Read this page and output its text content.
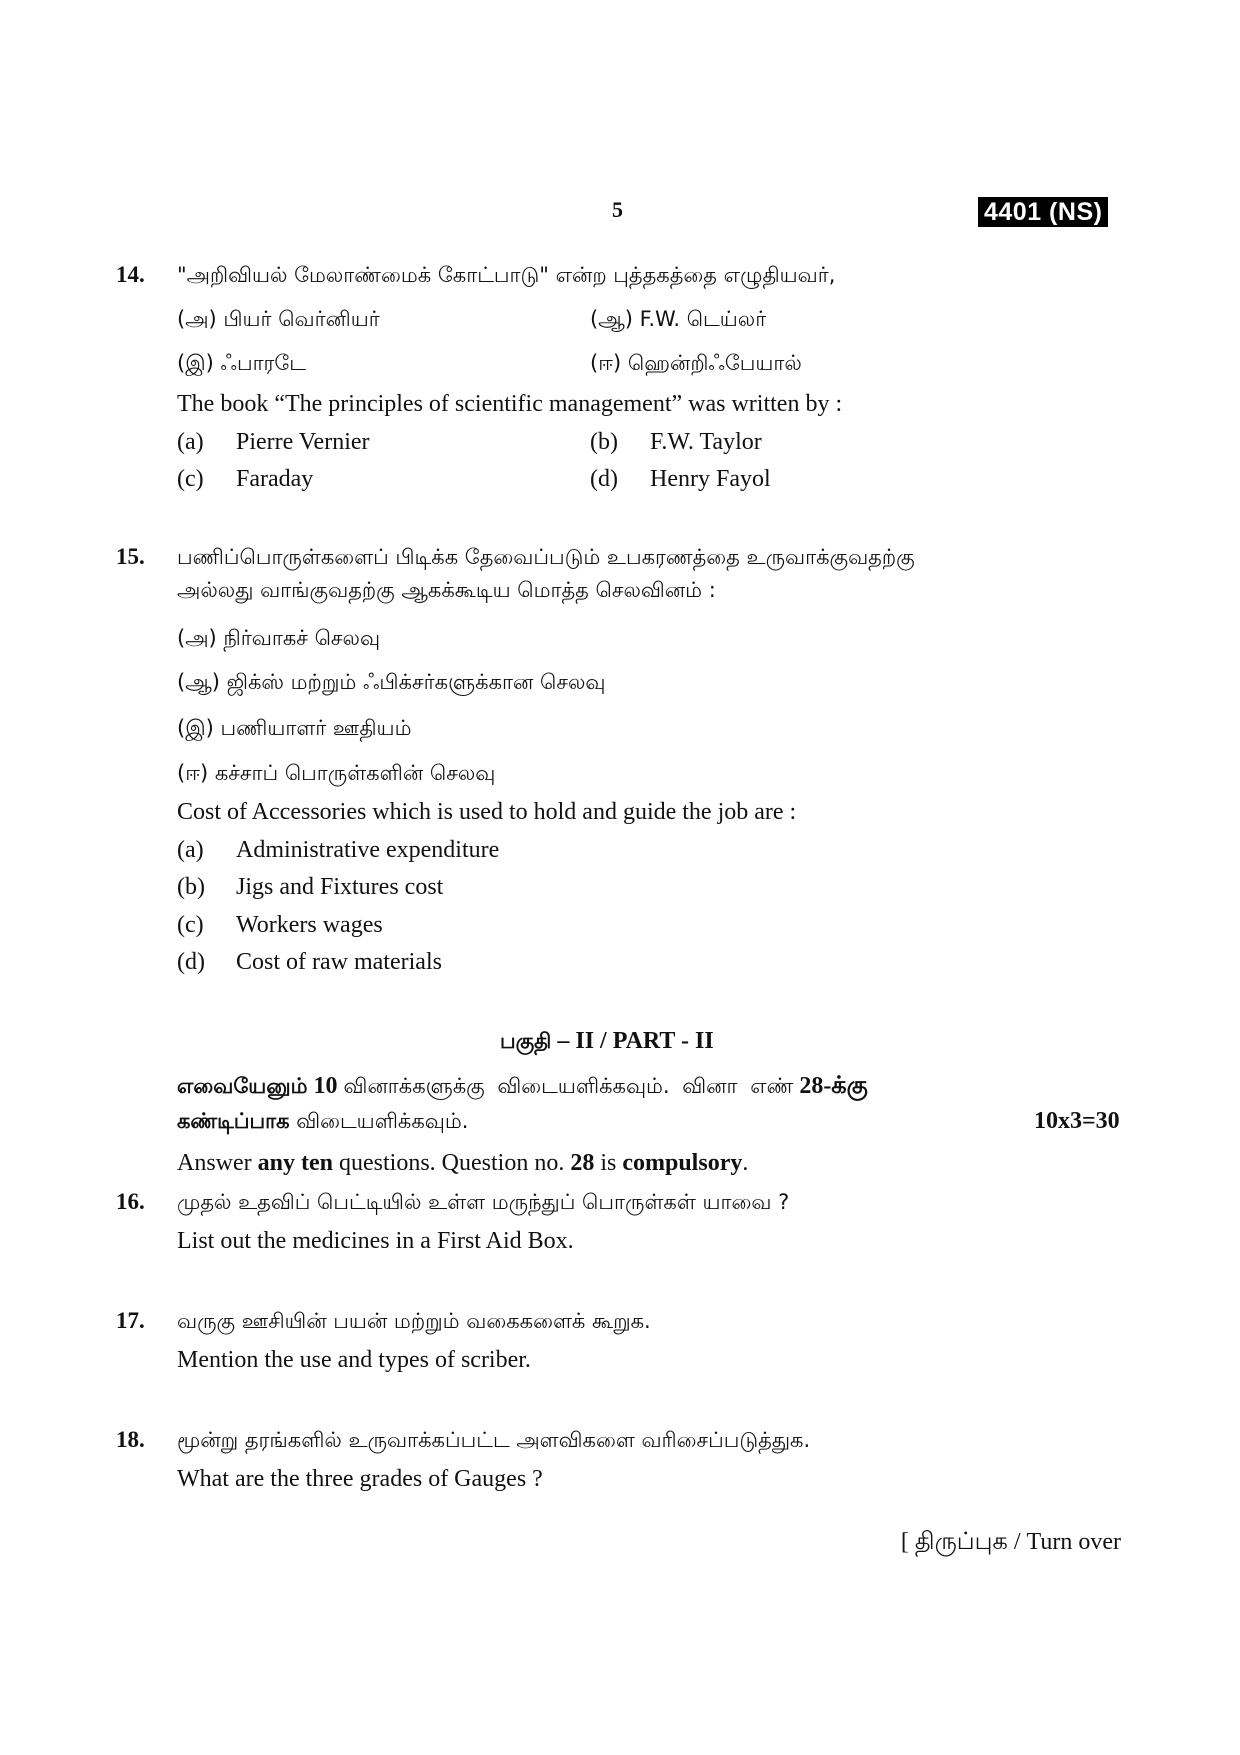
5	4401 (NS)
14. "அறிவியல் மேலாண்மைக் கோட்பாடு" என்ற புத்தகத்தை எழுதியவர்,
(அ) பியர் வெர்னியர்	(ஆ) F.W. டெய்லர்
(இ) ஃபாரடே	(ஈ) ஹென்றிஃபேயால்
The book “The principles of scientific management” was written by :
(a) Pierre Vernier	(b) F.W. Taylor
(c) Faraday	(d) Henry Fayol
15. பணிப்பொருள்களைப் பிடிக்க தேவைப்படும் உபகரணத்தை உருவாக்குவதற்கு
அல்லது வாங்குவதற்கு ஆகக்கூடிய மொத்த செலவினம் :
(அ) நிர்வாகச் செலவு
(ஆ) ஜிக்ஸ் மற்றும் ஃபிக்சர்களுக்கான செலவு
(இ) பணியாளர் ஊதியம்
(ஈ) கச்சாப் பொருள்களின் செலவு
Cost of Accessories which is used to hold and guide the job are :
(a) Administrative expenditure
(b) Jigs and Fixtures cost
(c) Workers wages
(d) Cost of raw materials
பகுதி – II / PART - II
எவையேனும் 10 வினாக்களுக்கு விடையளிக்கவும். வினா எண் 28-க்கு
கண்டிப்பாக விடையளிக்கவும்.	10x3=30
Answer any ten questions. Question no. 28 is compulsory.
16. முதல் உதவிப் பெட்டியில் உள்ள மருந்துப் பொருள்கள் யாவை ?
List out the medicines in a First Aid Box.
17. வருகு ஊசியின் பயன் மற்றும் வகைகளைக் கூறுக.
Mention the use and types of scriber.
18. மூன்று தரங்களில் உருவாக்கப்பட்ட அளவிகளை வரிசைப்படுத்துக.
What are the three grades of Gauges ?
[ திருப்புக / Turn over
